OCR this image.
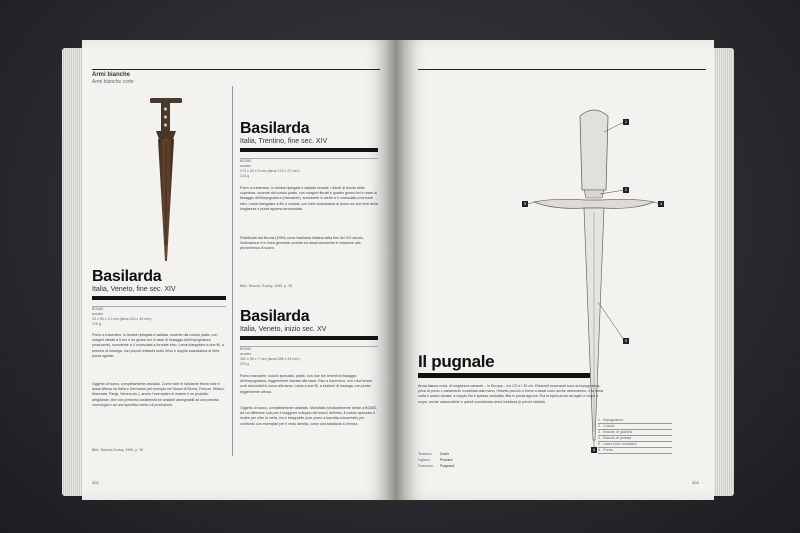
Armi bianche
Armi bianche corte
Basilarda
Italia, Veneto, fine sec. XIV
BO083
acciaio
33 x 90 x 10 mm (lama 226 x 40 mm)
210 g
Pomo a traversino, in lamina ripiegata e saldata, uscente dal codolo piatto, con margini rilevati a 5 fori e tre grossi fori in asse di fissaggio dell'impugnatura (mancante), scendente a V rovesciata a formare elso. Lama triangolare a due fili, a sezione di losanga, con piccoli rettacchi sotto l'elso e doppia scanalatura al forte; punta ogivale.
Oggetto di scavo, completamente ossidato. Come tutte le basilarde finora note è assai diffusa tra Italia e Germania (ad esempio nei Musei di Berna, Firenze, Milano, Macerata, Parigi, Verona etc.), anche l'esemplare in esame è un prodotto artigianale, che non presenta caratteristiche costanti assegnabili ad una precisa cronologia e ad uno specifico centro di produzione.
Bibl.: Boccia-Godoy, 1995, p. 35
Basilarda
Italia, Trentino, fine sec. XIV
BO080
acciaio
273 x 44 x 5 mm (lama 172 x 27 mm)
134 g
Pomo a traversino, in lamina ripiegata e saldata recante i chiodi di tenuta della copertura, uscente dal codolo piatto, con margini rilevati e quattro grossi fori in asse di fissaggio dell'impugnatura (mancante), scendente in alette a V rovesciata a formare elso. Lama triangolare a filo e costola, con forte scanalatura al dorso sui due terzi della lunghezza e punta appena arrotondata.
Pubblicata dal Boccia (1999) come basilarda italiana della fine del XIV secolo, l'indicazione è in linea generale corretta ed assai verosimile in relazione alla provenienza di scavo.
Bibl.: Boccia, Godoy, 1995, p. 35
Basilarda
Italia, Veneto, inizio sec. XV
BO084
acciaio
352 x 55 x 7 mm (lama 288 x 34 mm)
224 g
Pomo mancante; codolo spezzato, piatto, con due fori tenenti di fissaggio dell'impugnatura, leggermente rialzato alla base. Elso a traversino, con i due bracci corti raccordati in curva alla lama. Lama a due fili, a sezione di losanga, con punta leggermente ottusa.
Oggetto di scavo, completamente ossidato. Manufatto strutturalmente simile a BO083, da cui differisce solo per il maggiore sviluppo dei bracci dell'elso; il codolo spezzato è inoltre per oltre la metà, ma è integrabile (con pomo a barretta orizzontale) per confronto con esemplari per il resto identici, come una basilarda a Verona.
202
1
2
3	4
5
6
Il pugnale
Arma bianca corta, di lunghezza variante – in Europa – tra i 20 e i 30 cm. Elementi essenziali sono la impugnatura, priva di pomo o variamente modellata alla mano, l'elsetto piccolo o breve a assai corto anche asimmetrico, e la lama corta e assai robusta, a doppio filo e spesso costolata, fitta in punta aguzza. Era la tipica arma da taglio e corpo a corpo, anche nascondibile e quindi considerata arma insidiosa (e perciò vietata).
Tedesco: Dolch
Inglese:	Poniard
Francese: Poignard
1 - Impugnatura
2 - Codolo
3 - Braccio di guardia
4 - Braccio di portata
5 - Lama (con costolato)
6 - Punta
203
